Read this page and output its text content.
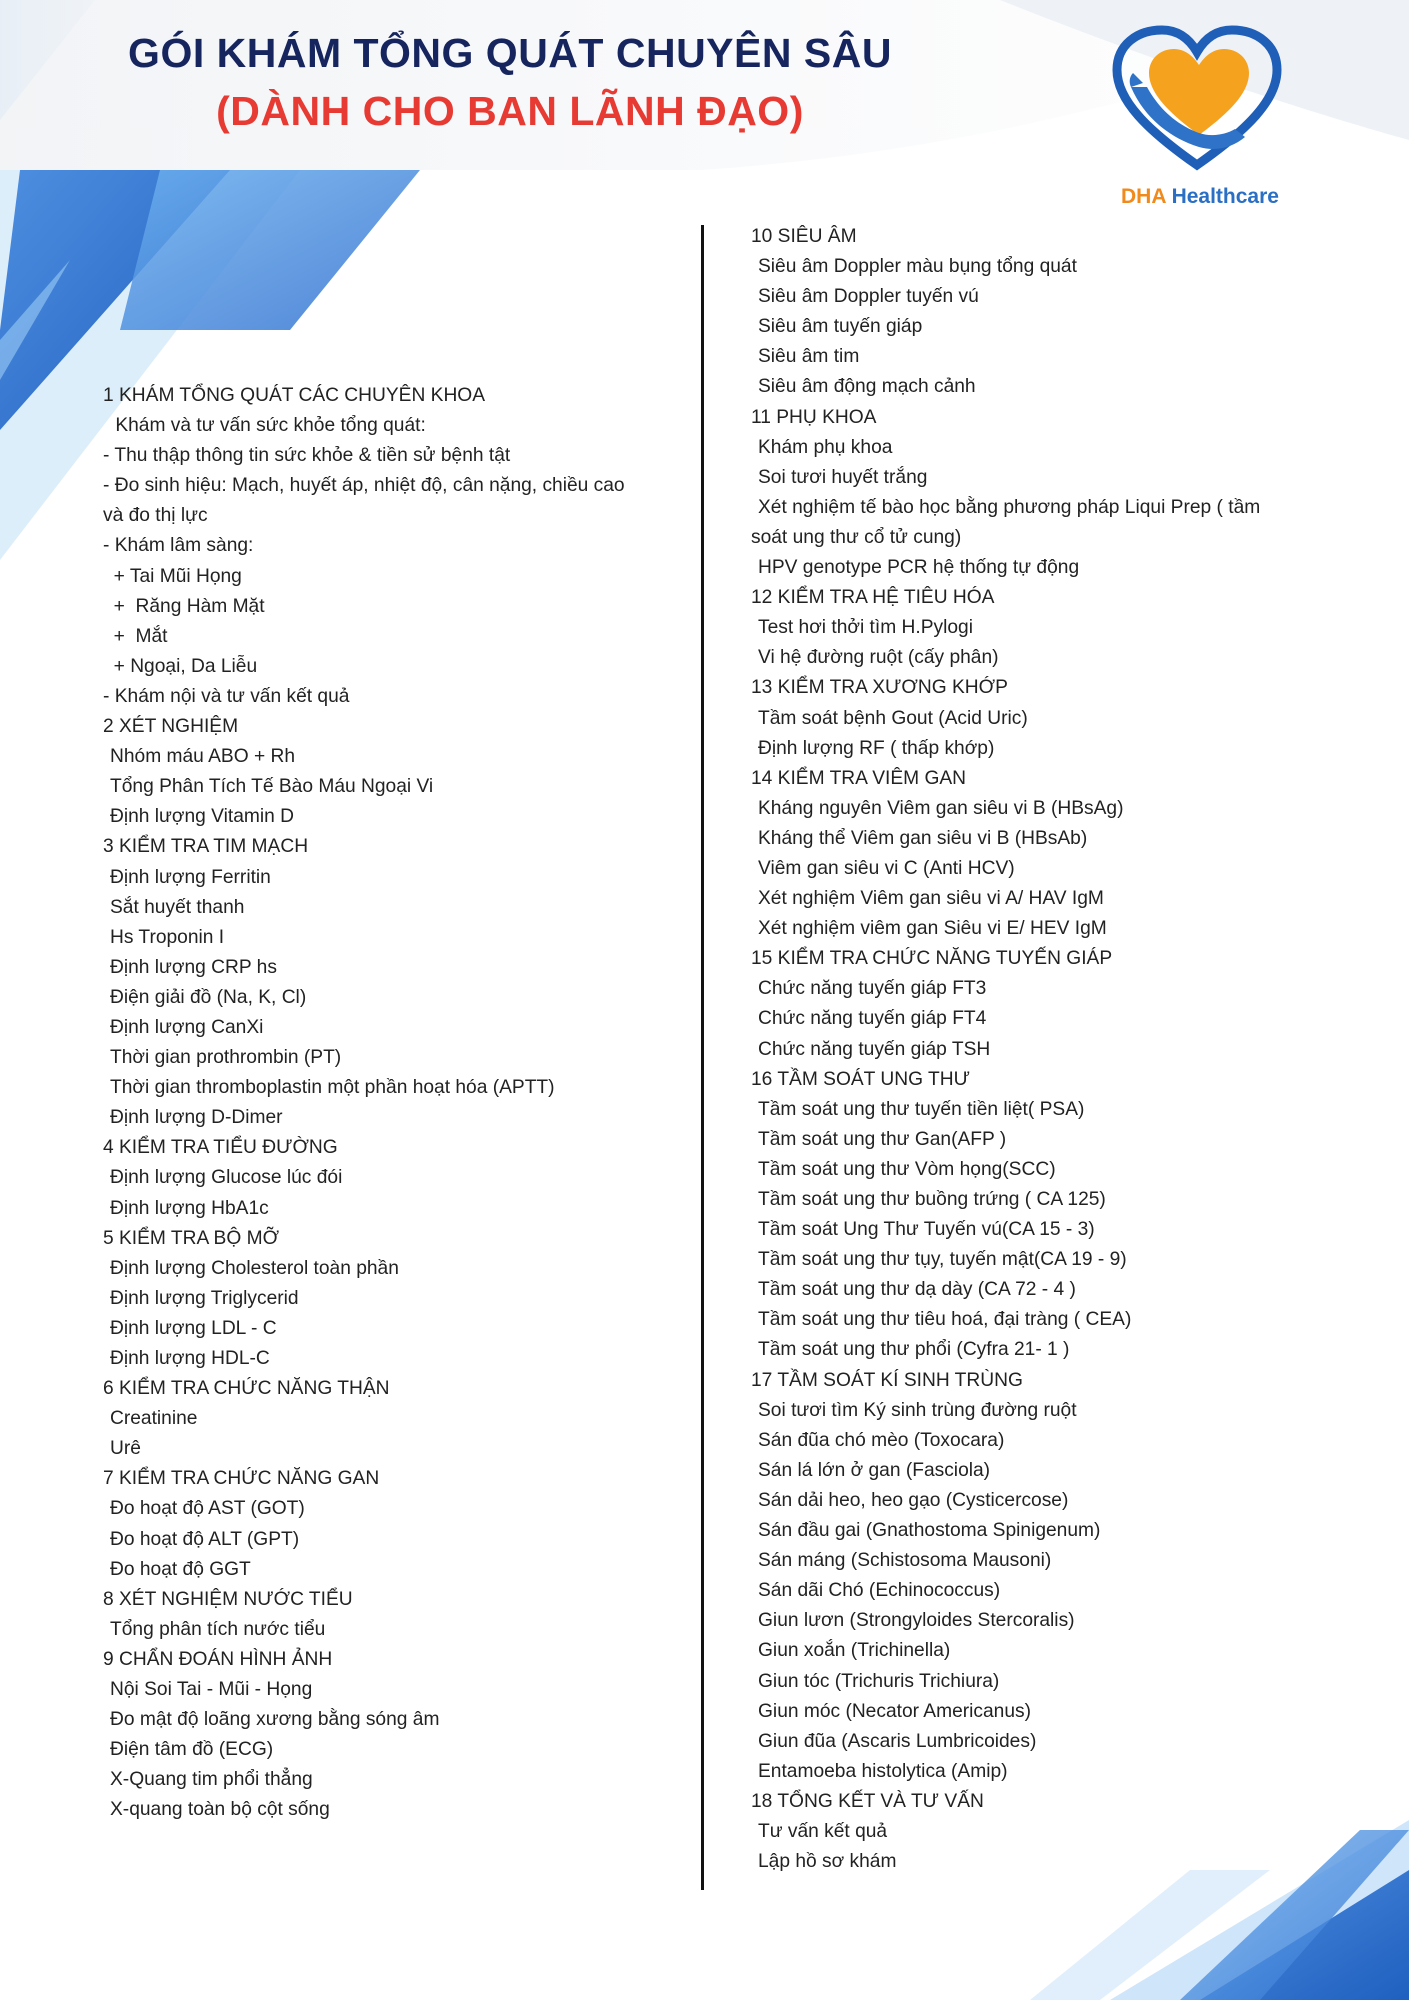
GÓI KHÁM TỔNG QUÁT CHUYÊN SÂU
(DÀNH CHO BAN LÃNH ĐẠO)
DHA Healthcare
1 KHÁM TỔNG QUÁT CÁC CHUYÊN KHOA
Khám và tư vấn sức khỏe tổng quát:
- Thu thập thông tin sức khỏe & tiền sử bệnh tật
- Đo sinh hiệu: Mạch, huyết áp, nhiệt độ, cân nặng, chiều cao
và đo thị lực
- Khám lâm sàng:
+ Tai Mũi Họng
+  Răng Hàm Mặt
+  Mắt
+ Ngoại, Da Liễu
- Khám nội và tư vấn kết quả
2 XÉT NGHIỆM
Nhóm máu ABO + Rh
Tổng Phân Tích Tế Bào Máu Ngoại Vi
Định lượng Vitamin D
3 KIỂM TRA TIM MẠCH
Định lượng Ferritin
Sắt huyết thanh
Hs Troponin I
Định lượng CRP hs
Điện giải đồ (Na, K, Cl)
Định lượng CanXi
Thời gian prothrombin (PT)
Thời gian thromboplastin một phần hoạt hóa (APTT)
Định lượng D-Dimer
4 KIỂM TRA TIỂU ĐƯỜNG
Định lượng Glucose lúc đói
Định lượng HbA1c
5 KIỂM TRA BỘ MỠ
Định lượng Cholesterol toàn phần
Định lượng Triglycerid
Định lượng LDL - C
Định lượng HDL-C
6 KIỂM TRA CHỨC NĂNG THẬN
Creatinine
Urê
7 KIỂM TRA CHỨC NĂNG GAN
Đo hoạt độ AST (GOT)
Đo hoạt độ ALT (GPT)
Đo hoạt độ GGT
8 XÉT NGHIỆM NƯỚC TIỂU
Tổng phân tích nước tiểu
9 CHẨN ĐOÁN HÌNH ẢNH
Nội Soi Tai - Mũi - Họng
Đo mật độ loãng xương bằng sóng âm
Điện tâm đồ (ECG)
X-Quang tim phổi thẳng
X-quang toàn bộ cột sống
10 SIÊU ÂM
Siêu âm Doppler màu bụng tổng quát
Siêu âm Doppler tuyến vú
Siêu âm tuyến giáp
Siêu âm tim
Siêu âm động mạch cảnh
11 PHỤ KHOA
Khám phụ khoa
Soi tươi huyết trắng
Xét nghiệm tế bào học bằng phương pháp Liqui Prep ( tầm
soát ung thư cổ tử cung)
HPV genotype PCR hệ thống tự động
12 KIỂM TRA HỆ TIÊU HÓA
Test hơi thởi tìm H.Pylogi
Vi hệ đường ruột (cấy phân)
13 KIỂM TRA XƯƠNG KHỚP
Tầm soát bệnh Gout (Acid Uric)
Định lượng RF ( thấp khớp)
14 KIỂM TRA VIÊM GAN
Kháng nguyên Viêm gan siêu vi B (HBsAg)
Kháng thể Viêm gan siêu vi B (HBsAb)
Viêm gan siêu vi C (Anti HCV)
Xét nghiệm Viêm gan siêu vi A/ HAV IgM
Xét nghiệm viêm gan Siêu vi E/ HEV IgM
15 KIỂM TRA CHỨC NĂNG TUYẾN GIÁP
Chức năng tuyến giáp FT3
Chức năng tuyến giáp FT4
Chức năng tuyến giáp TSH
16 TẦM SOÁT UNG THƯ
Tầm soát ung thư tuyến tiền liệt( PSA)
Tầm soát ung thư Gan(AFP )
Tầm soát ung thư Vòm họng(SCC)
Tầm soát ung thư buồng trứng ( CA 125)
Tầm soát Ung Thư Tuyến vú(CA 15 - 3)
Tầm soát ung thư tụy, tuyến mật(CA 19 - 9)
Tầm soát ung thư dạ dày (CA 72 - 4 )
Tầm soát ung thư tiêu hoá, đại tràng ( CEA)
Tầm soát ung thư phổi (Cyfra 21- 1 )
17 TẦM SOÁT KÍ SINH TRÙNG
Soi tươi tìm Ký sinh trùng đường ruột
Sán đũa chó mèo (Toxocara)
Sán lá lớn ở gan (Fasciola)
Sán dải heo, heo gạo (Cysticercose)
Sán đầu gai (Gnathostoma Spinigenum)
Sán máng (Schistosoma Mausoni)
Sán dãi Chó (Echinococcus)
Giun lươn (Strongyloides Stercoralis)
Giun xoắn (Trichinella)
Giun tóc (Trichuris Trichiura)
Giun móc (Necator Americanus)
Giun đũa (Ascaris Lumbricoides)
Entamoeba histolytica (Amip)
18 TỔNG KẾT VÀ TƯ VẤN
Tư vấn kết quả
Lập hồ sơ khám
